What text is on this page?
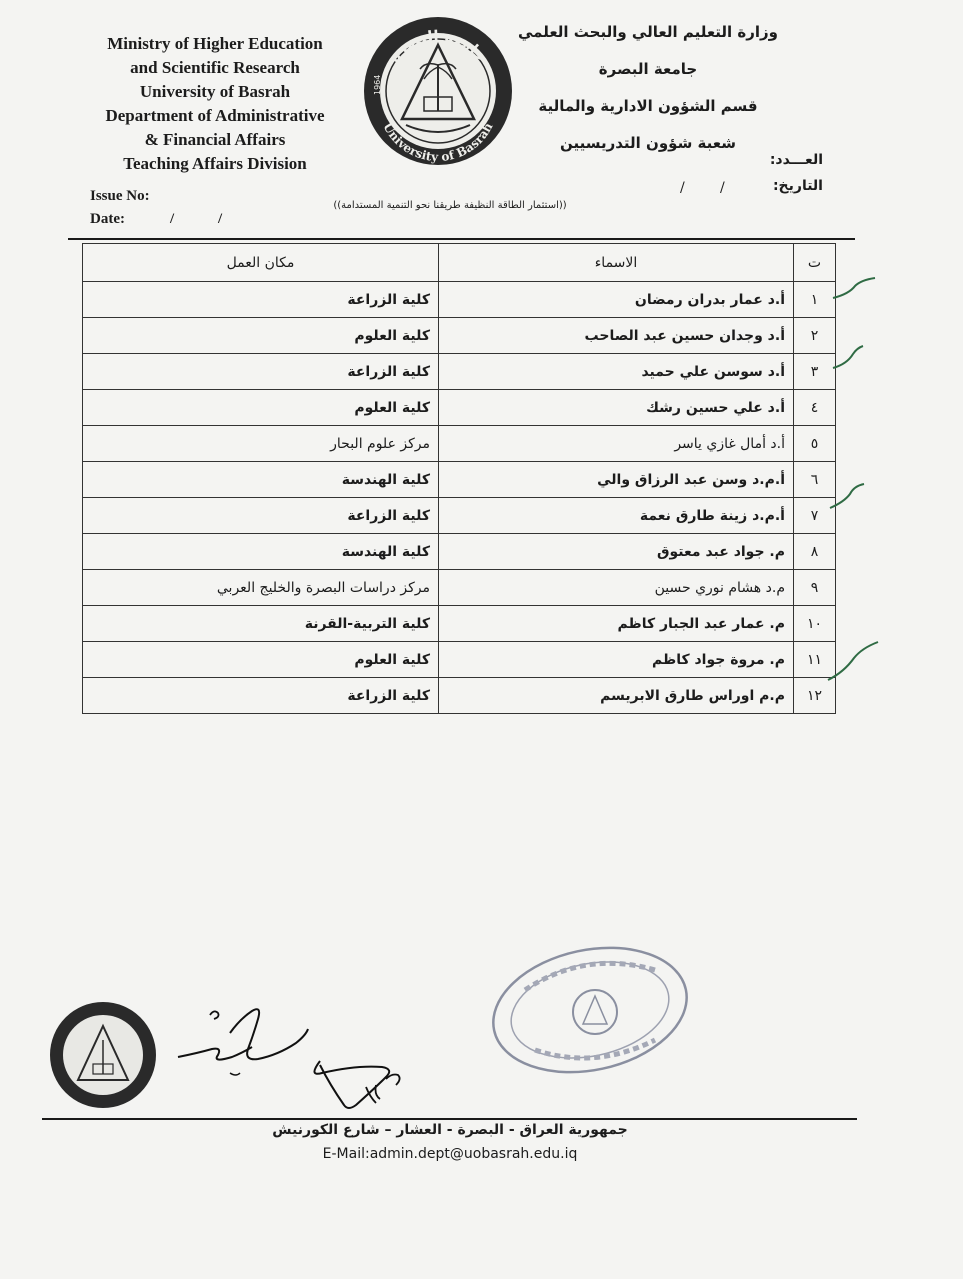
Ministry of Higher Education
and Scientific Research
University of Basrah
Department of Administrative
& Financial Affairs
Teaching Affairs Division
جامعة البصرة
University of Basrah
1964
وزارة التعليم العالي والبحث العلمي
جامعة البصرة
قسم الشؤون الادارية والمالية
شعبة شؤون التدريسيين
العـــدد:
التاريخ:
/	/
Issue No:
Date:	/	/
((استثمار الطاقة النظيفة طريقنا نحو التنمية المستدامة))
ت	الاسماء	مكان العمل
١	أ.د عمار بدران رمضان	كلية الزراعة
٢	أ.د وجدان حسين عبد الصاحب	كلية العلوم
٣	أ.د سوسن علي حميد	كلية الزراعة
٤	أ.د علي حسين رشك	كلية العلوم
٥	أ.د أمال غازي ياسر	مركز علوم البحار
٦	أ.م.د وسن عبد الرزاق والي	كلية الهندسة
٧	أ.م.د زينة طارق نعمة	كلية الزراعة
٨	م. جواد عبد معتوق	كلية الهندسة
٩	م.د هشام نوري حسين	مركز دراسات البصرة والخليج العربي
١٠	م. عمار عبد الجبار كاظم	كلية التربية-القرنة
١١	م. مروة جواد كاظم	كلية العلوم
١٢	م.م اوراس طارق الابريسم	كلية الزراعة
جمهورية العراق - البصرة - العشار – شارع الكورنيش
E-Mail:admin.dept@uobasrah.edu.iq
